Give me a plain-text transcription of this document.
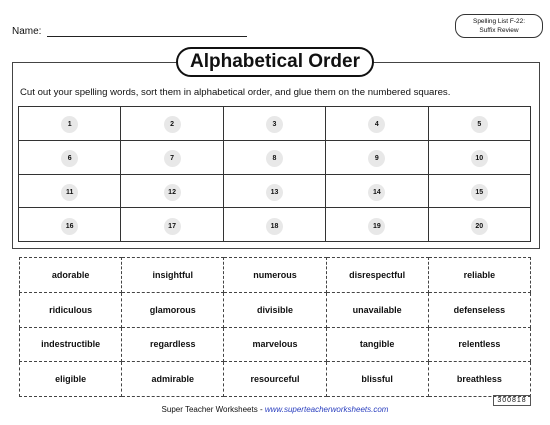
Name:
Spelling List F-22:
Suffix Review
Alphabetical Order
Cut out your spelling words, sort them in alphabetical order, and glue them on the numbered squares.
1	2	3	4	5
6	7	8	9	10
11	12	13	14	15
16	17	18	19	20
adorable	insightful	numerous	disrespectful	reliable
ridiculous	glamorous	divisible	unavailable	defenseless
indestructible	regardless	marvelous	tangible	relentless
eligible	admirable	resourceful	blissful	breathless
300818
Super Teacher Worksheets - www.superteacherworksheets.com
